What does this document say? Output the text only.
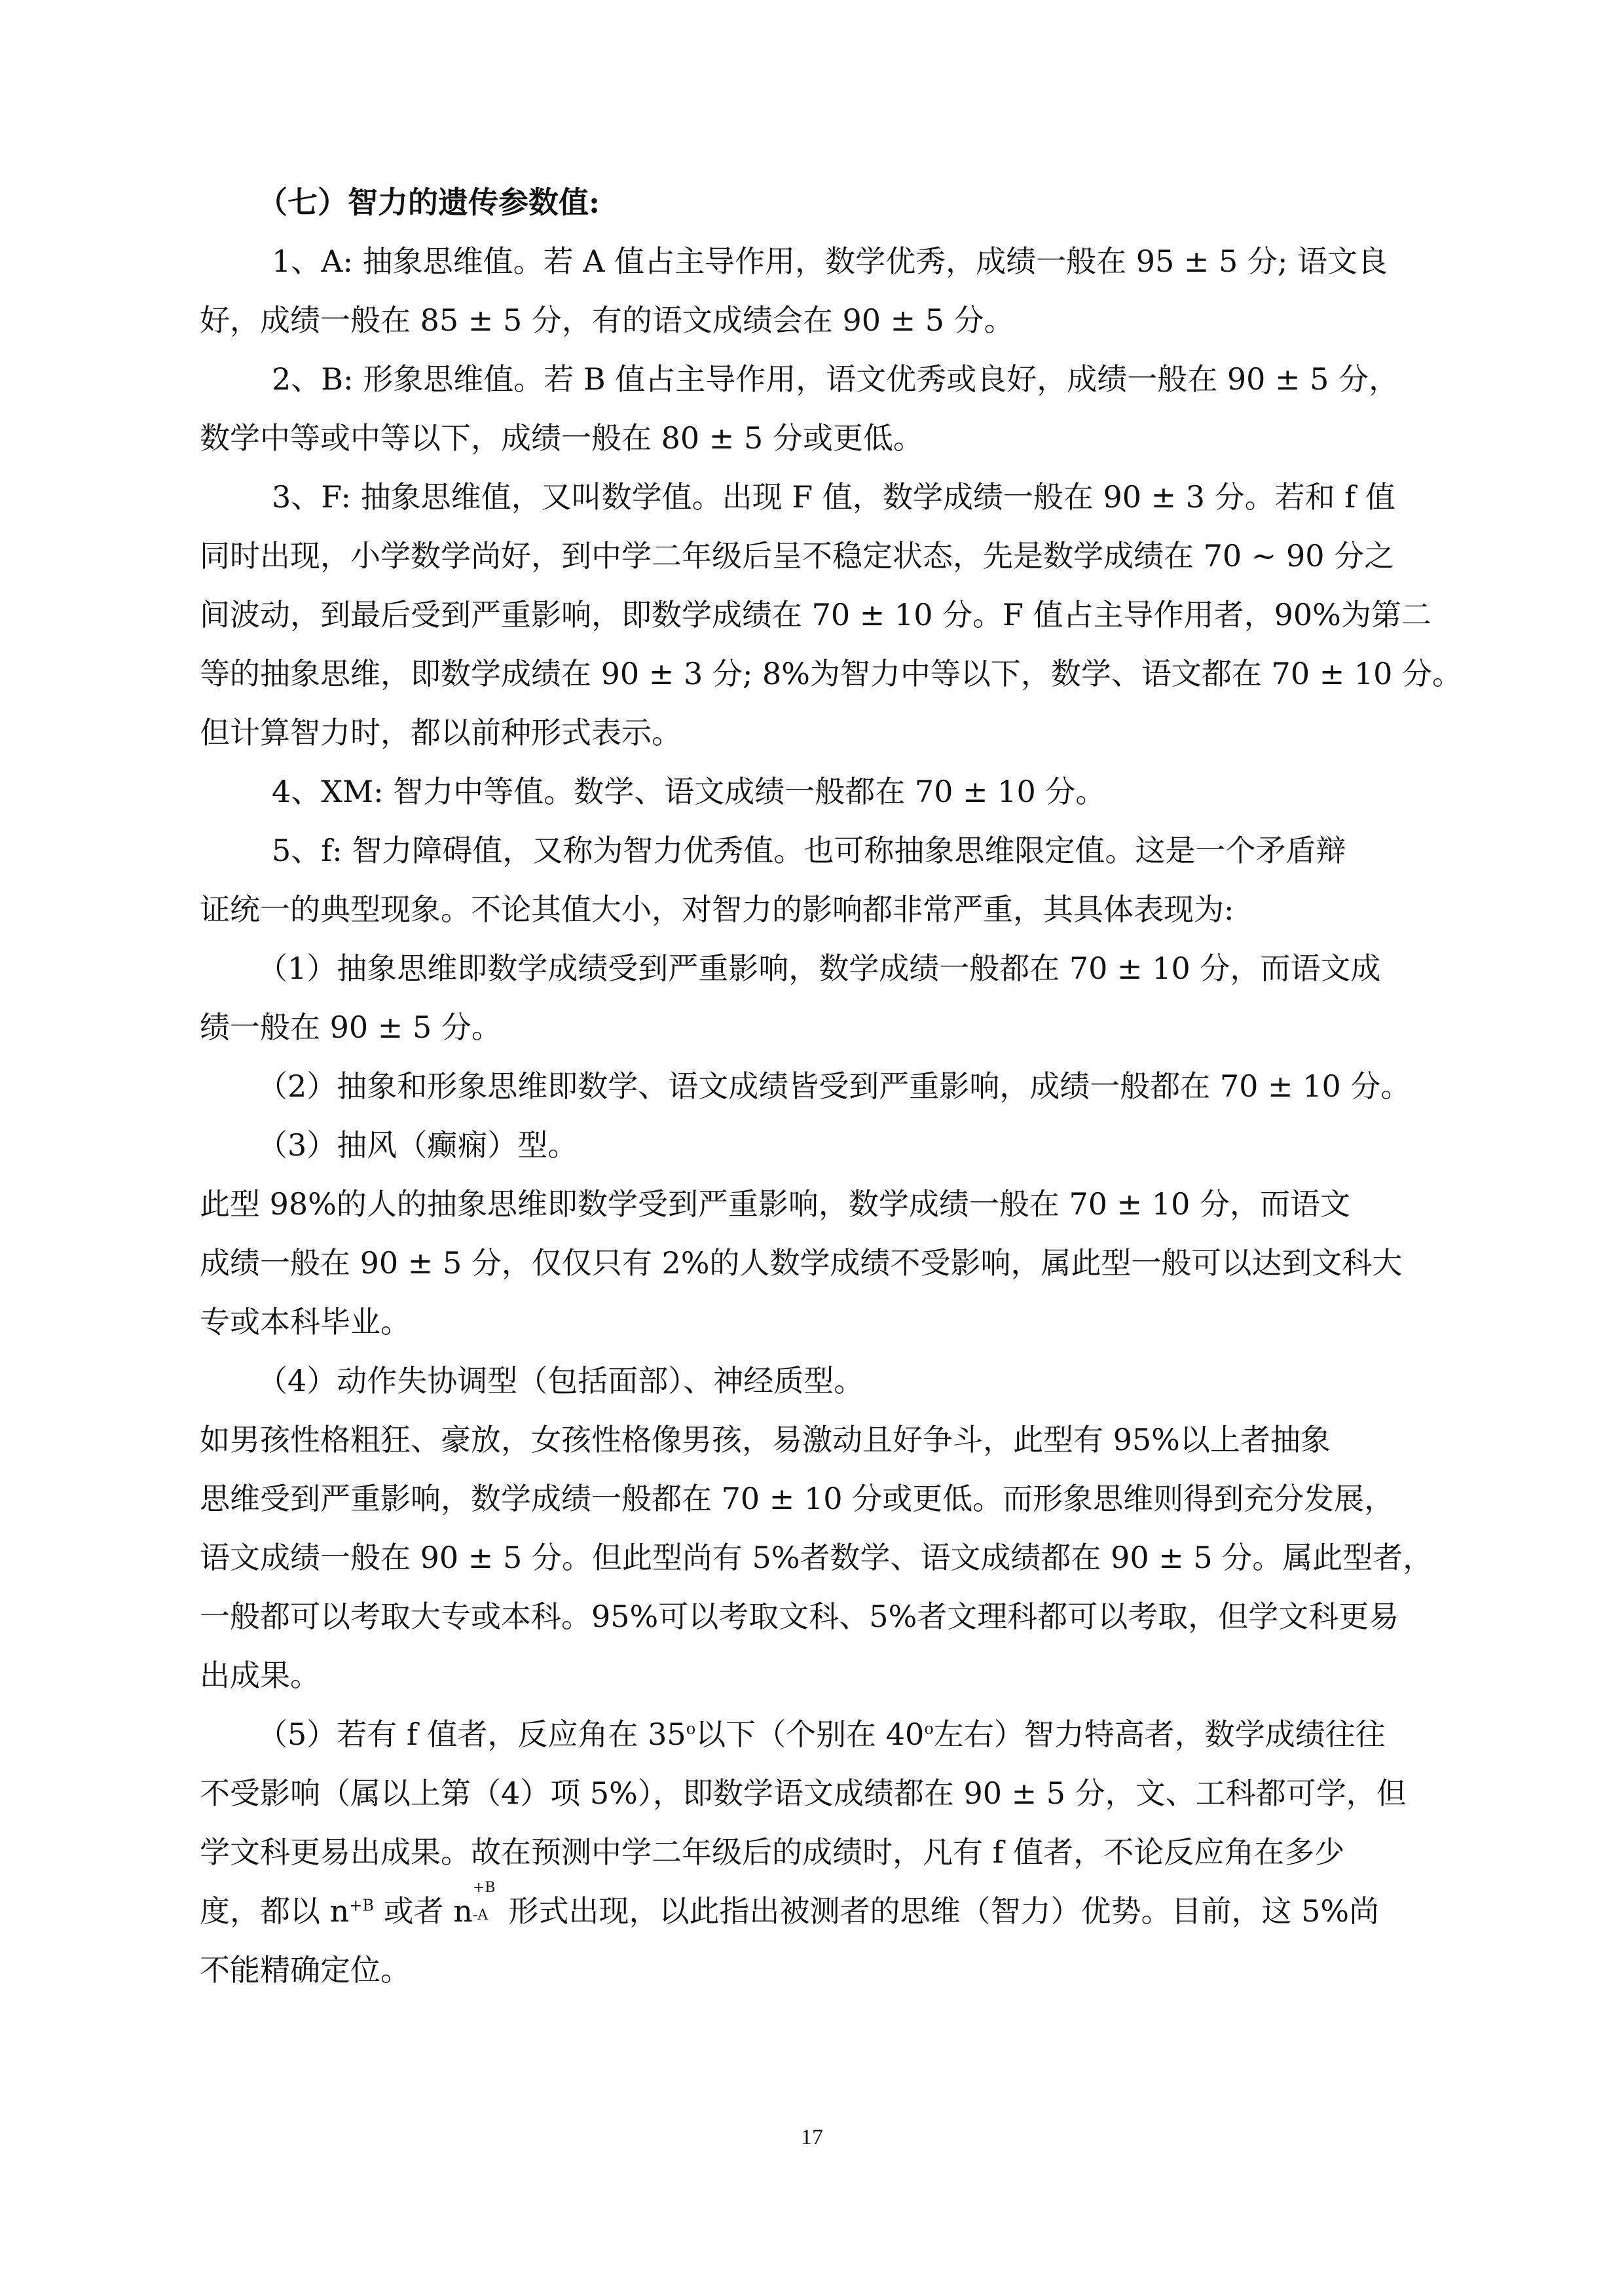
（七）智力的遗传参数值:
1、A: 抽象思维值。若 A 值占主导作用，数学优秀，成绩一般在 95 ± 5 分; 语文良
好，成绩一般在 85 ± 5 分，有的语文成绩会在 90 ± 5 分。
2、B: 形象思维值。若 B 值占主导作用，语文优秀或良好，成绩一般在 90 ± 5 分，
数学中等或中等以下，成绩一般在 80 ± 5 分或更低。
3、F: 抽象思维值，又叫数学值。出现 F 值，数学成绩一般在 90 ± 3 分。若和 f 值
同时出现，小学数学尚好，到中学二年级后呈不稳定状态，先是数学成绩在 70 ~ 90 分之
间波动，到最后受到严重影响，即数学成绩在 70 ± 10 分。F 值占主导作用者，90%为第二
等的抽象思维，即数学成绩在 90 ± 3 分; 8%为智力中等以下，数学、语文都在 70 ± 10 分。
但计算智力时，都以前种形式表示。
4、XM: 智力中等值。数学、语文成绩一般都在 70 ± 10 分。
5、f: 智力障碍值，又称为智力优秀值。也可称抽象思维限定值。这是一个矛盾辩
证统一的典型现象。不论其值大小，对智力的影响都非常严重，其具体表现为:
（1）抽象思维即数学成绩受到严重影响，数学成绩一般都在 70 ± 10 分，而语文成
绩一般在 90 ± 5 分。
（2）抽象和形象思维即数学、语文成绩皆受到严重影响，成绩一般都在 70 ± 10 分。
（3）抽风（癫痫）型。
此型 98%的人的抽象思维即数学受到严重影响，数学成绩一般在 70 ± 10 分，而语文
成绩一般在 90 ± 5 分，仅仅只有 2%的人数学成绩不受影响，属此型一般可以达到文科大
专或本科毕业。
（4）动作失协调型（包括面部）、神经质型。
如男孩性格粗狂、豪放，女孩性格像男孩，易激动且好争斗，此型有 95%以上者抽象
思维受到严重影响，数学成绩一般都在 70 ± 10 分或更低。而形象思维则得到充分发展，
语文成绩一般在 90 ± 5 分。但此型尚有 5%者数学、语文成绩都在 90 ± 5 分。属此型者，
一般都可以考取大专或本科。95%可以考取文科、5%者文理科都可以考取，但学文科更易
出成果。
（5）若有 f 值者，反应角在 35$^o$以下（个别在 40$^o$左右）智力特高者，数学成绩往往
不受影响（属以上第（4）项 5%），即数学语文成绩都在 90 ± 5 分，文、工科都可学，但
学文科更易出成果。故在预测中学二年级后的成绩时，凡有 f 值者，不论反应角在多少
度，都以 $n^{+B}$ 或者 n
+B
-A 形式出现，以此指出被测者的思维（智力）优势。目前，这 5%尚
不能精确定位。
17
